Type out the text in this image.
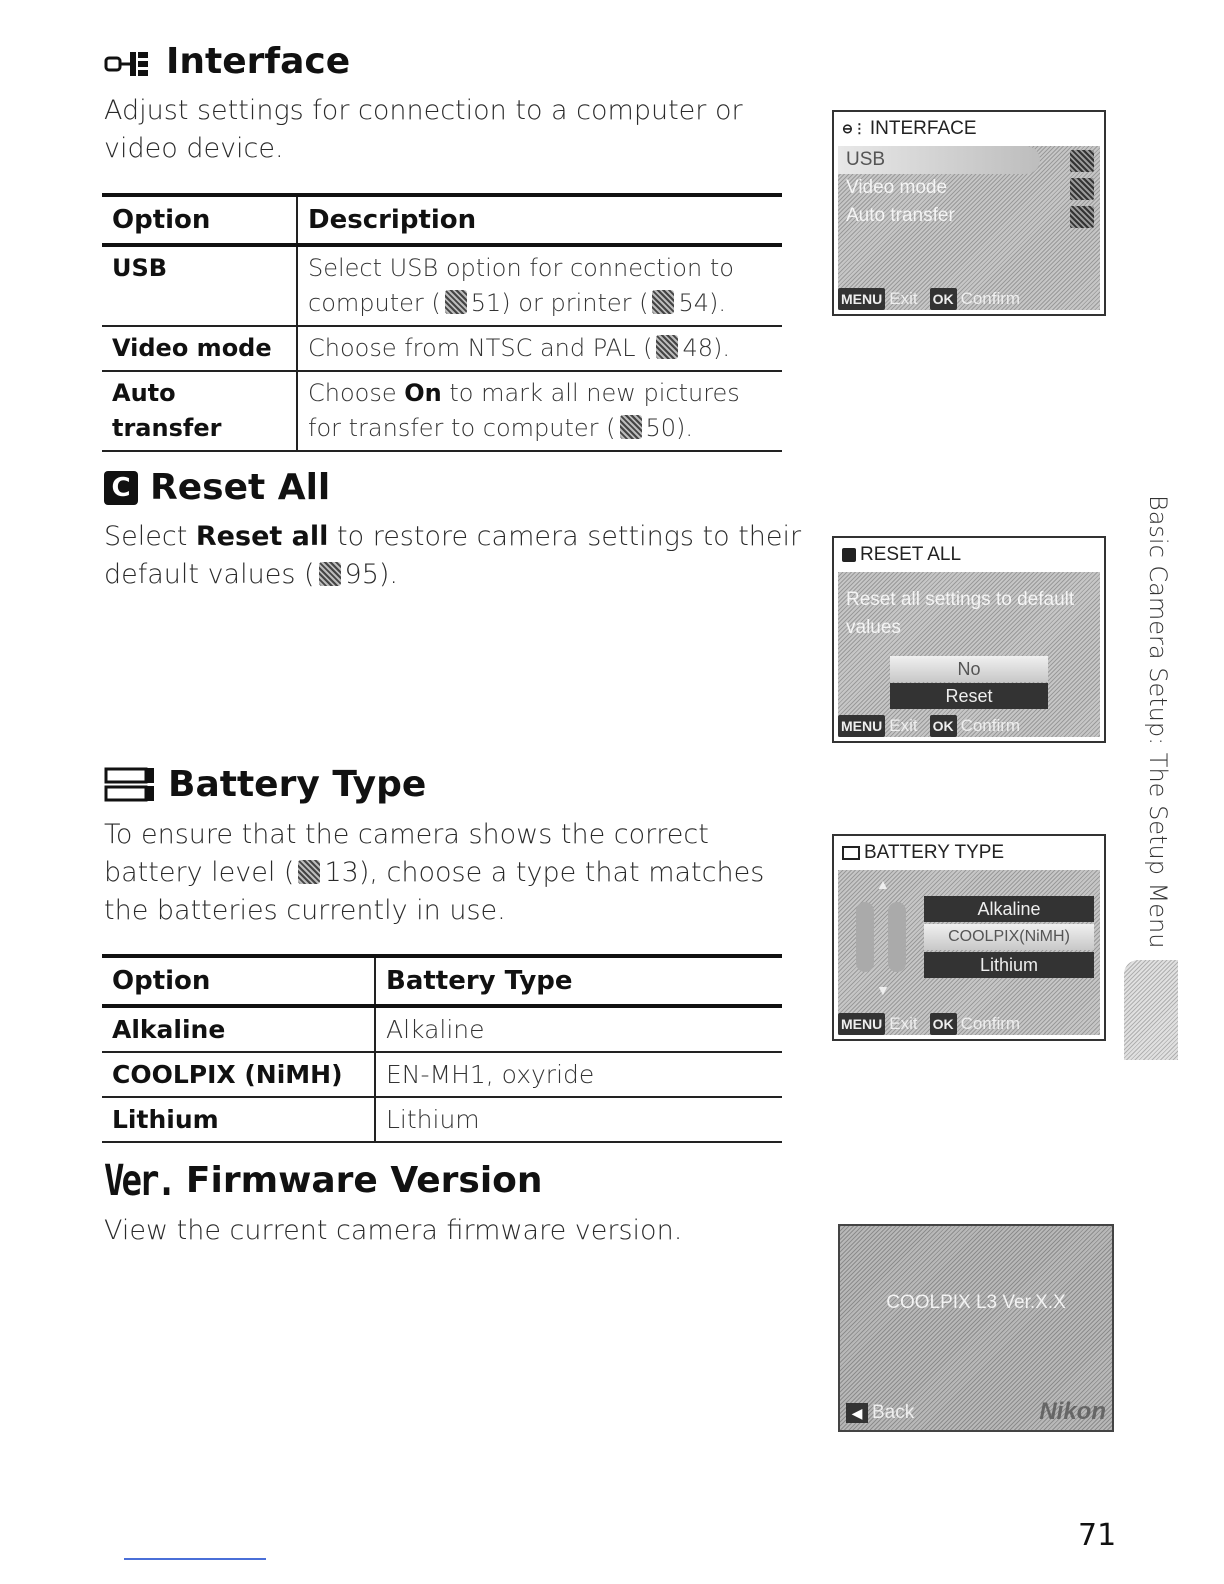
Interface

Adjust settings for connection to a computer or video device.

Option	Description
USB	Select USB option for connection to computer ( 51) or printer ( 54).
Video mode	Choose from NTSC and PAL ( 48).
Auto transfer	Choose On to mark all new pictures for transfer to computer ( 50).
⊖⋮ INTERFACE
USB
Video mode
Auto transfer
MENU Exit OK Confirm
C Reset All

Select Reset all to restore camera settings to their default values ( 95).

RESET ALL
Reset all settings to default values
No
Reset
MENU Exit OK Confirm
Battery Type

To ensure that the camera shows the correct battery level ( 13), choose a type that matches the batteries currently in use.

Option	Battery Type
Alkaline	Alkaline
COOLPIX (NiMH)	EN-MH1, oxyride
Lithium	Lithium
BATTERY TYPE
▲
▼
Alkaline
COOLPIX(NiMH)
Lithium
MENU Exit OK Confirm
Ver. Firmware Version

View the current camera firmware version.

COOLPIX L3 Ver.X.X
◀ Back	Nikon
Basic Camera Setup: The Setup Menu
71
